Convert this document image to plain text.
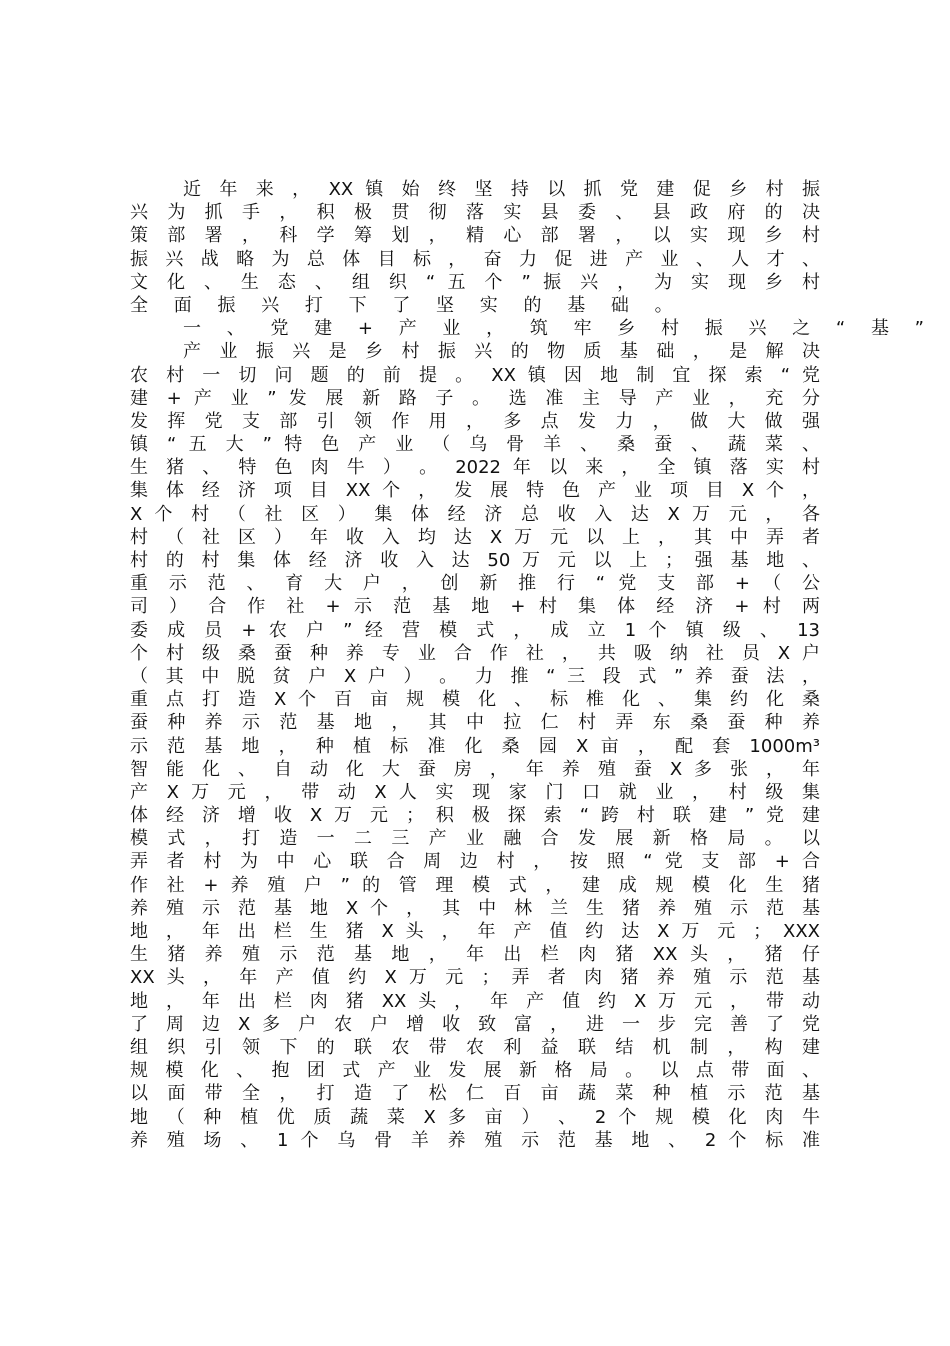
近 年 来 ， XX 镇 始 终 坚 持 以 抓 党 建 促 乡 村 振
兴 为 抓 手 ， 积 极 贯 彻 落 实 县 委 、 县 政 府 的 决
策 部 署 ， 科 学 筹 划 ， 精 心 部 署 ， 以 实 现 乡 村
振 兴 战 略 为 总 体 目 标 ， 奋 力 促 进 产 业 、 人 才 、
文 化 、 生 态 、 组 织 “ 五 个 ” 振 兴 ， 为 实 现 乡 村
全 面 振 兴 打 下 了 坚 实 的 基 础 。
一 、 党 建 + 产 业 ， 筑 牢 乡 村 振 兴 之 “ 基 ”
产 业 振 兴 是 乡 村 振 兴 的 物 质 基 础 ， 是 解 决
农 村 一 切 问 题 的 前 提 。 XX 镇 因 地 制 宜 探 索 “ 党
建 + 产 业 ” 发 展 新 路 子 。 选 准 主 导 产 业 ， 充 分
发 挥 党 支 部 引 领 作 用 ， 多 点 发 力 ， 做 大 做 强
镇 “ 五 大 ” 特 色 产 业 （ 乌 骨 羊 、 桑 蚕 、 蔬 菜 、
生 猪 、 特 色 肉 牛 ） 。 2022 年 以 来 ， 全 镇 落 实 村
集 体 经 济 项 目 XX 个 ， 发 展 特 色 产 业 项 目 X 个 ，
X 个 村 （ 社 区 ） 集 体 经 济 总 收 入 达 X 万 元 ， 各
村 （ 社 区 ） 年 收 入 均 达 X 万 元 以 上 ， 其 中 弄 者
村 的 村 集 体 经 济 收 入 达 50 万 元 以 上 ； 强 基 地 、
重 示 范 、 育 大 户 ， 创 新 推 行 “ 党 支 部 + （ 公
司 ） 合 作 社 + 示 范 基 地 + 村 集 体 经 济 + 村 两
委 成 员 + 农 户 ” 经 营 模 式 ， 成 立 1 个 镇 级 、 13
个 村 级 桑 蚕 种 养 专 业 合 作 社 ， 共 吸 纳 社 员 X 户
（ 其 中 脱 贫 户 X 户 ） 。 力 推 “ 三 段 式 ” 养 蚕 法 ，
重 点 打 造 X 个 百 亩 规 模 化 、 标 椎 化 、 集 约 化 桑
蚕 种 养 示 范 基 地 ， 其 中 拉 仁 村 弄 东 桑 蚕 种 养
示 范 基 地 ， 种 植 标 准 化 桑 园 X 亩 ， 配 套 1000m³
智 能 化 、 自 动 化 大 蚕 房 ， 年 养 殖 蚕 X 多 张 ， 年
产 X 万 元 ， 带 动 X 人 实 现 家 门 口 就 业 ， 村 级 集
体 经 济 增 收 X 万 元 ； 积 极 探 索 “ 跨 村 联 建 ” 党 建
模 式 ， 打 造 一 二 三 产 业 融 合 发 展 新 格 局 。 以
弄 者 村 为 中 心 联 合 周 边 村 ， 按 照 “ 党 支 部 + 合
作 社 + 养 殖 户 ” 的 管 理 模 式 ， 建 成 规 模 化 生 猪
养 殖 示 范 基 地 X 个 ， 其 中 林 兰 生 猪 养 殖 示 范 基
地 ， 年 出 栏 生 猪 X 头 ， 年 产 值 约 达 X 万 元 ； XXX
生 猪 养 殖 示 范 基 地 ， 年 出 栏 肉 猪 XX 头 ， 猪 仔
XX 头 ， 年 产 值 约 X 万 元 ； 弄 者 肉 猪 养 殖 示 范 基
地 ， 年 出 栏 肉 猪 XX 头 ， 年 产 值 约 X 万 元 ， 带 动
了 周 边 X 多 户 农 户 增 收 致 富 ， 进 一 步 完 善 了 党
组 织 引 领 下 的 联 农 带 农 利 益 联 结 机 制 ， 构 建
规 模 化 、 抱 团 式 产 业 发 展 新 格 局 。 以 点 带 面 、
以 面 带 全 ， 打 造 了 松 仁 百 亩 蔬 菜 种 植 示 范 基
地 （ 种 植 优 质 蔬 菜 X 多 亩 ） 、 2 个 规 模 化 肉 牛
养 殖 场 、 1 个 乌 骨 羊 养 殖 示 范 基 地 、 2 个 标 准
